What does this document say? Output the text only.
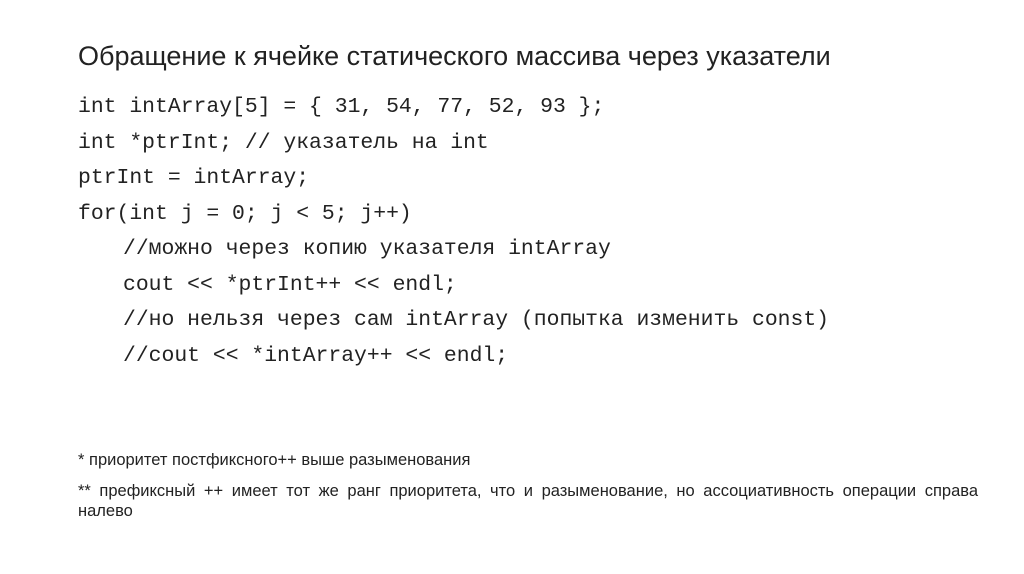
Обращение к ячейке статического массива через указатели
int intArray[5] = { 31, 54, 77, 52, 93 };
int *ptrInt; // указатель на int
ptrInt = intArray;
for(int j = 0; j < 5; j++)
//можно через копию указателя intArray
cout << *ptrInt++ << endl;
//но нельзя через сам intArray (попытка изменить const)
//cout << *intArray++ << endl;
* приоритет постфиксного++ выше разыменования
** префиксный ++ имеет тот же ранг приоритета, что и разыменование, но ассоциативность операции справа налево
